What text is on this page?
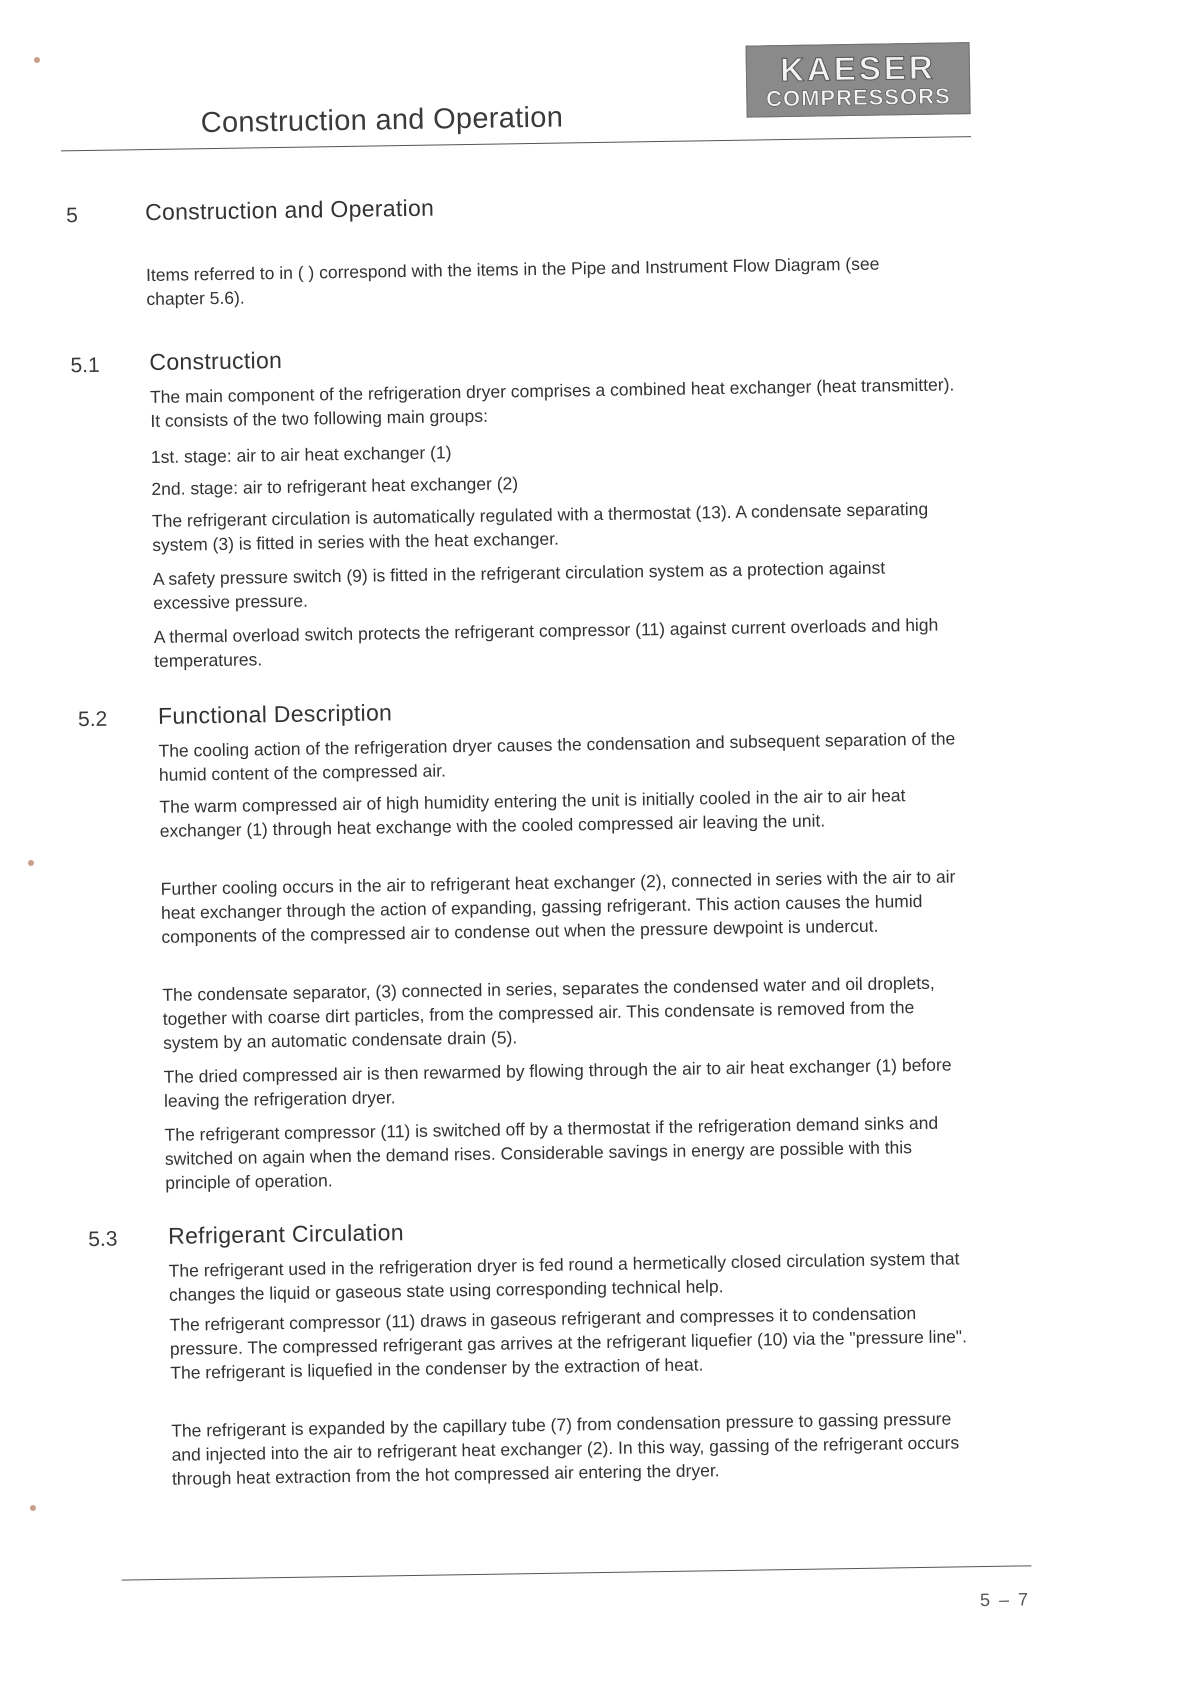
Construction and Operation
KAESER
COMPRESSORS
5	Construction and Operation

Items referred to in ( ) correspond with the items in the Pipe and Instrument Flow Diagram (see chapter 5.6).

5.1 Construction

The main component of the refrigeration dryer comprises a combined heat exchanger (heat transmitter). It consists of the two following main groups:

1st. stage: air to air heat exchanger (1)

2nd. stage: air to refrigerant heat exchanger (2)

The refrigerant circulation is automatically regulated with a thermostat (13). A condensate separating system (3) is fitted in series with the heat exchanger.

A safety pressure switch (9) is fitted in the refrigerant circulation system as a protection against excessive pressure.

A thermal overload switch protects the refrigerant compressor (11) against current overloads and high temperatures.

5.2 Functional Description

The cooling action of the refrigeration dryer causes the condensation and subsequent separation of the humid content of the compressed air.

The warm compressed air of high humidity entering the unit is initially cooled in the air to air heat exchanger (1) through heat exchange with the cooled compressed air leaving the unit.

Further cooling occurs in the air to refrigerant heat exchanger (2), connected in series with the air to air heat exchanger through the action of expanding, gassing refrigerant. This action causes the humid components of the compressed air to condense out when the pressure dewpoint is undercut.

The condensate separator, (3) connected in series, separates the condensed water and oil droplets, together with coarse dirt particles, from the compressed air. This condensate is removed from the system by an automatic condensate drain (5).

The dried compressed air is then rewarmed by flowing through the air to air heat exchanger (1) before leaving the refrigeration dryer.

The refrigerant compressor (11) is switched off by a thermostat if the refrigeration demand sinks and switched on again when the demand rises. Considerable savings in energy are possible with this principle of operation.

5.3 Refrigerant Circulation

The refrigerant used in the refrigeration dryer is fed round a hermetically closed circulation system that changes the liquid or gaseous state using corresponding technical help.

The refrigerant compressor (11) draws in gaseous refrigerant and compresses it to condensation pressure. The compressed refrigerant gas arrives at the refrigerant liquefier (10) via the "pressure line". The refrigerant is liquefied in the condenser by the extraction of heat.

The refrigerant is expanded by the capillary tube (7) from condensation pressure to gassing pressure and injected into the air to refrigerant heat exchanger (2). In this way, gassing of the refrigerant occurs through heat extraction from the hot compressed air entering the dryer.

5 – 7
